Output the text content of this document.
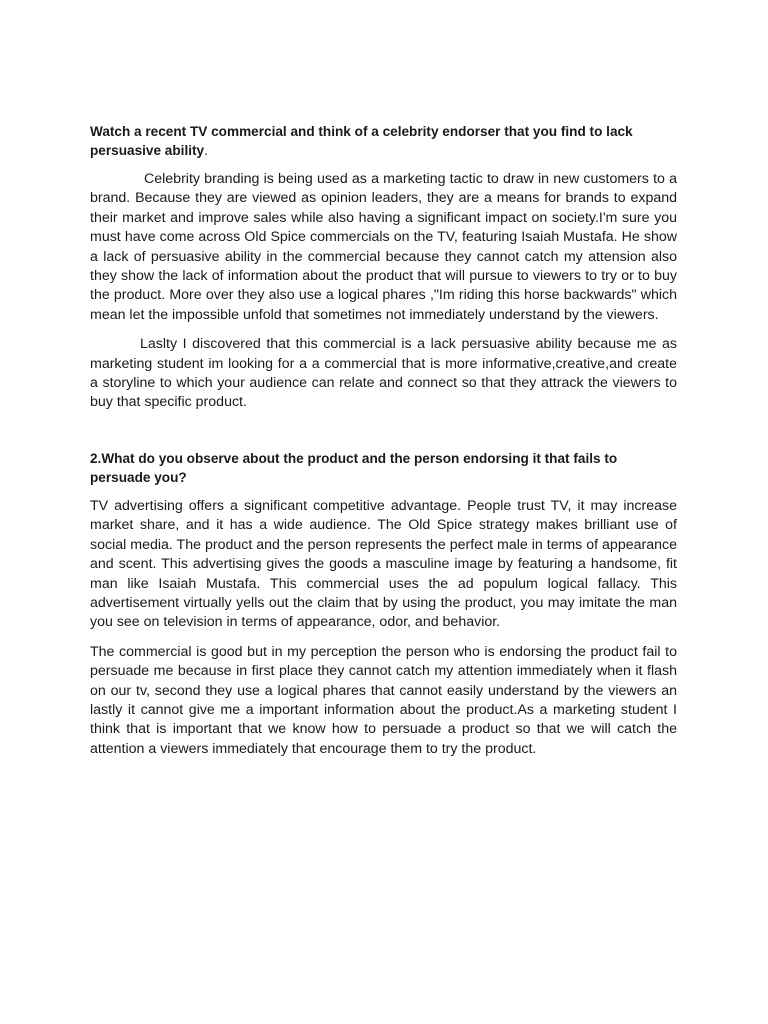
Watch a recent TV commercial and think of a celebrity endorser that you find to lack persuasive ability.

Celebrity branding is being used as a marketing tactic to draw in new customers to a brand. Because they are viewed as opinion leaders, they are a means for brands to expand their market and improve sales while also having a significant impact on society.I'm sure you must have come across Old Spice commercials on the TV, featuring Isaiah Mustafa. He show a lack of persuasive ability in the commercial because they cannot catch my attension also they show the lack of information about the product that will pursue to viewers to try or to buy the product. More over they also use a logical phares ,"Im riding this horse backwards" which mean let the impossible unfold that sometimes not immediately understand by the viewers.

Laslty I discovered that this commercial is a lack persuasive ability because me as marketing student im looking for a a commercial that is more informative,creative,and create a storyline to which your audience can relate and connect so that they attrack the viewers to buy that specific product.

2.What do you observe about the product and the person endorsing it that fails to persuade you?

TV advertising offers a significant competitive advantage. People trust TV, it may increase market share, and it has a wide audience. The Old Spice strategy makes brilliant use of social media. The product and the person represents the perfect male in terms of appearance and scent. This advertising gives the goods a masculine image by featuring a handsome, fit man like Isaiah Mustafa. This commercial uses the ad populum logical fallacy. This advertisement virtually yells out the claim that by using the product, you may imitate the man you see on television in terms of appearance, odor, and behavior.

The commercial is good but in my perception the person who is endorsing the product fail to persuade me because in first place they cannot catch my attention immediately when it flash on our tv, second they use a logical phares that cannot easily understand by the viewers an lastly it cannot give me a important information about the product.As a marketing student I think that is important that we know how to persuade a product so that we will catch the attention a viewers immediately that encourage them to try the product.
